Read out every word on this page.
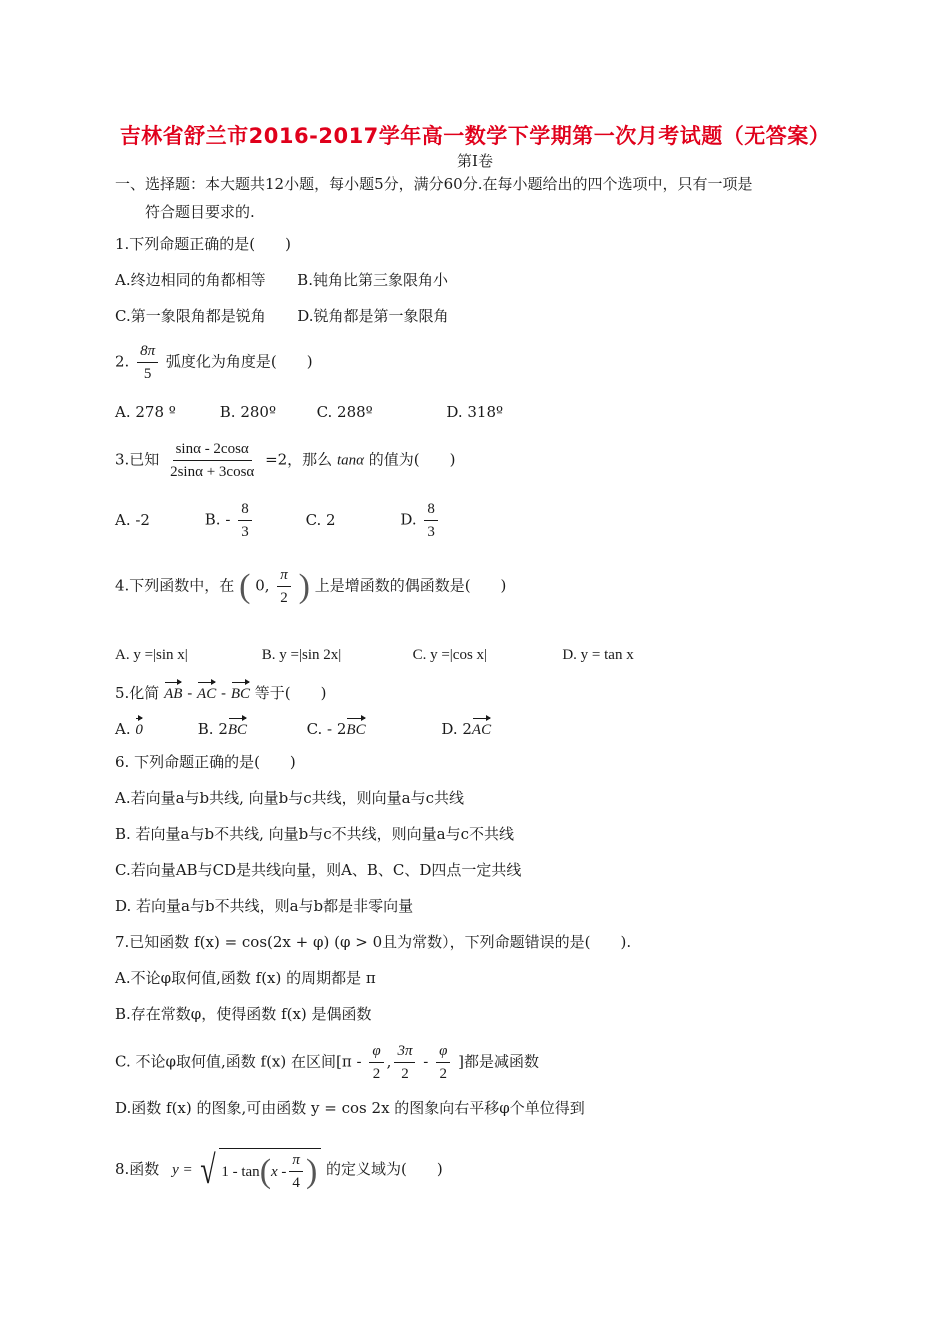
吉林省舒兰市2016-2017学年高一数学下学期第一次月考试题（无答案）
第Ⅰ卷
一、选择题：本大题共12小题，每小题5分，满分60分.在每小题给出的四个选项中，只有一项是
符合题目要求的.
1.下列命题正确的是(　　)
A.终边相同的角都相等 B.钝角比第三象限角小
C.第一象限角都是锐角 D.锐角都是第一象限角
2. $\frac{8\pi}{5}$ 弧度化为角度是(　　)
A. 278 º	B. 280º	C. 288º	D. 318º
3.已知 $\frac{\sin\alpha - 2\cos\alpha}{2\sin\alpha + 3\cos\alpha} =2$，那么 tanα 的值为(　　)
A. -2	B. - $\frac{8}{3}$	C. 2	D. $\frac{8}{3}$
4.下列函数中，在 ( 0, $\frac{\pi}{2}$ ) 上是增函数的偶函数是(　　)
A. y =|sin x|	B. y =|sin 2x|	C. y =|cos x|	D. y = tan x
5.化简 AB - AC - BC 等于(　　)
A. 0	B. 2BC	C. - 2BC	D. 2AC
6. 下列命题正确的是(　　)
A.若向量a与b共线, 向量b与c共线，则向量a与c共线
B. 若向量a与b不共线, 向量b与c不共线，则向量a与c不共线
C.若向量AB与CD是共线向量，则A、B、C、D四点一定共线
D. 若向量a与b不共线，则a与b都是非零向量
7.已知函数 f(x) = cos(2x + φ) (φ > 0且为常数），下列命题错误的是(　　).
A.不论φ取何值,函数 f(x) 的周期都是 π
B.存在常数φ，使得函数 f(x) 是偶函数
C. 不论φ取何值,函数 f(x) 在区间[$\pi - \frac{\varphi}{2}$ , $\frac{3\pi}{2} - \frac{\varphi}{2}$ ]都是减函数
D.函数 f(x) 的图象,可由函数 y = cos 2x 的图象向右平移φ个单位得到
8.函数 y = √ 1 - tan ( x - $\frac{\pi}{4}$ ) 的定义域为(　　)
